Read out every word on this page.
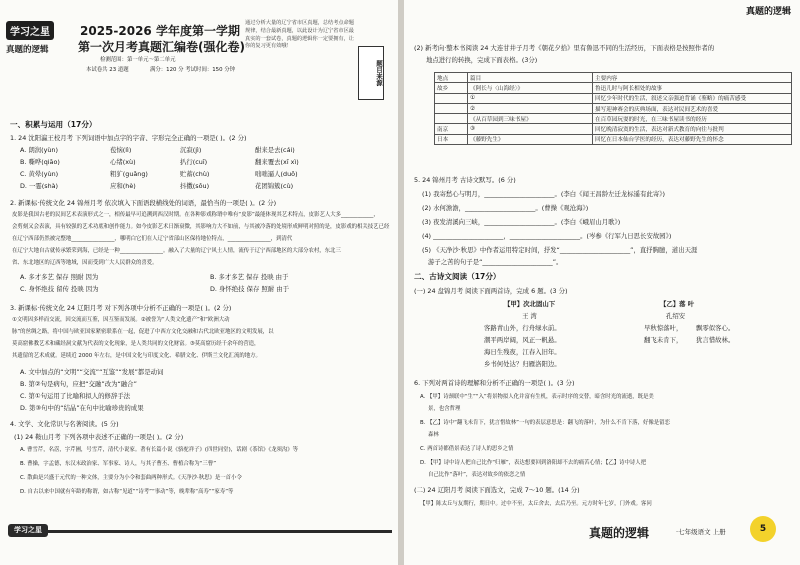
学习之星
真题的逻辑
2025-2026 学年度第一学期
第一次月考真题汇编卷(强化卷)
通过分析大量的辽宁省市区真题，总结考点命题规律，结合最新真题，以此设计为辽宁省市区最真实的一套试卷，真题的逻辑你一定要拥有，让你的复习更有效哦！
题目来源
检测范围：第一单元～第二单元
本试卷共 23 道题	满分：120 分 考试时间：150 分钟
一、积累与运用（17分）
1. 24 沈阳瀛王校月考 下列词语中加点字的字音、字形完全正确的一项是( )。(2 分)
A. 朗润(yùn)	苞恼(lì)	沉寂(jì)	酣来是去(cái)
B. 嘶哗(qiāo)	心绪(xù)	扒行(cuī)	翻来覆去(xī xì)
C. 黄晕(yùn)	粗犷(guǎng)	贮蓄(chù)	咄咄逼人(duō)
D. 一霎(shà)	应和(hè)	抖擞(sǒu)	花团锦簇(cù)
2. 新课标·传统文化 24 锦州月考 依次填入下面语段横线处的词语，最恰当的一项是( )。(2 分)
皮影是我国古老的民间艺术表演形式之一，相传最早可追溯到西汉时期。在各种影戏称谓中唯有“皮影”最能体现其艺术特点，皮影艺人大多____________，
会剪刻又会表演，具有较强的艺术功底和创作能力。如今皮影艺术日渐衰微，其影响力大不如前，与其被冷落的处境形成鲜明对照的是，皮影戏的相关技艺已经
在辽宁西部仍然被完整地________________，哪明白它们在人辽宁省部山区保持地位特点，________________，到清代
在辽宁大地自古就传承繁荣到海，已经是一种________________。融入了大量的辽宁风土人情，流传于辽宁西部地区的大部分农村，东北三
省、东北地区的辽西等地域，因而受到广大人民群众的喜爱。
A. 多才多艺 保存 照耐 因为	B. 多才多艺 保存 投映 由于
C. 身怀绝技 留传 投映 因为	D. 身怀绝技 保存 照耐 由于
3. 新课标·传统文化 24 辽阳月考 对下列各项中分析不正确的一项是( )。(2 分)
①文明因多样而交流，因交流而互鉴，因互鉴而发展。②被誉为“人类文化遗产”和“欧洲大动
脉”的丝绸之路，将中国与欧亚国家紧密联系在一起，促进了中西方文化交融和古代北欧亚地区的文明发展，以
莫高窟佛教艺术和藏经洞文献为代表的文化现象，是人类共同的文化财富。③莫高窟历经千余年的营造，
其遗留的艺术成就。延续近 2000 年左右，是中国文化与印度文化、希腊文化、伊斯兰文化汇流的地方。
A. 文中加点的“文明”“交流”“互鉴”“发展”都是动词
B. 第②句是病句，应把“交融”改为“融合”
C. 第①句运用了比喻和拟人的修辞手法
D. 第③句中的“结晶”在句中比喻珍贵的成果
4. 文学、文化常识与名著阅读。(5 分)
(1) 24 鞍山月考 下列各项中表述不正确的一项是( )。(2 分)
A. 曹雪芹，名霑，字芹圃，号雪芹，清代小说家。著有长篇小说《骆驼祥子》(四世同堂)，话剧《茶馆》《龙须沟》等
B. 曹操，字孟德，东汉末政治家、军事家、诗人，与其子曹丕、曹植合称为“三曹”
C. 散曲是兴盛于元代的一种文体，主要分为小令和套曲两种形式。《天净沙·秋思》是一首小令
D. 自古以来中国就有年龄的称谓，如古称“见道”“诗考”“事动”等，晚辈称“高寿”“家寿”等
学习之星
真题的逻辑
(2) 新考向·整本书阅读 24 大连甘井子月考《朝花夕拾》里有鲁迅不同的生活经历，下面表格是按照作者的
地点进行的转换，完成下面表格。(3分)
地点	篇目	主要内容
故乡	《阿长与〈山海经〉》	鲁迅儿时与阿长相处的故事
	①	回忆少年时代的生活，叙述父亲强迫背诵《鉴略》的痛苦感受
	②	描写迎神赛会的庆典场面，表达对民间艺术的喜爱
	《从百草园到三味书屋》	在百草园玩耍的时光，在三味书屋读书的经历
南京	③	回忆晚清寂寞的生活，表达对新式教育的向往与批判
日本	《藤野先生》	回忆在日本仙台学医的经历，表达对藤野先生的怀念
5. 24 锦州月考 古诗文默写。(6 分)
(1) 我寄愁心与明月，______________________。(李白《闻王昌龄左迁龙标遥有此寄》)
(2) 水何澹澹，______________________。(曹操《观沧海》)
(3) 夜发清溪向三峡，______________________。(李白《峨眉山月歌》)
(4) ______________________，______________________。(岑参《行军九日思长安故园》)
(5) 《天净沙·秋思》中作者运用特定时间，抒发“______________________”，直抒胸臆，道出天涯
游子之苦的句子是“______________________”。
二、古诗文阅读（17分）
(一) 24 盘锦月考 阅读下面两首诗，完成 6 题。(3 分)
【甲】次北固山下
王 湾
客路青山外，行舟绿水前。
潮平两岸阔，风正一帆悬。
海日生残夜，江春入旧年。
乡书何处达？归雁洛阳边。
【乙】落 叶
孔绍安
早秋惊落叶， 飘零似客心。
翻飞未肯下， 犹言惜故林。
6. 下列对两首诗的理解和分析不正确的一项是( )。(3 分)
A. 【甲】诗颈联中“生”“入”将景物拟人化并富有生机，表示时序的交替，暗含时光的流逝，既是美
景，也含哲理
B. 【乙】诗中“翻飞未肯下，犹言惜故林”一句的表层意思是：翻飞的落叶，为什么不肯下落，好像是留恋
森林
C. 两首诗都借景表达了诗人的思乡之情
D. 【甲】诗中诗人把自己比作“归雁”，表达想要回到洛阳却不去的痛苦心情；【乙】诗中诗人把
自己比作“落叶”，表达对故乡的依恋之情
(二) 24 辽阳月考 阅读下面选文，完成 7～10 题。(14 分)
【甲】陈太丘与友期行，期日中。过中不至，太丘舍去，去后乃至。元方时年七岁，门外戏。客问
真题的逻辑	·七年级语文 上册	5
